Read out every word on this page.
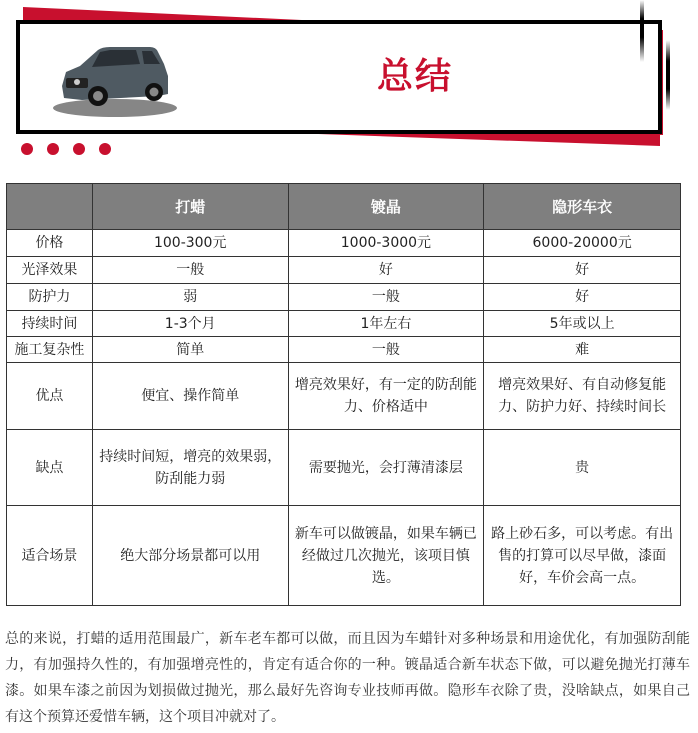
总结
	打蜡	镀晶	隐形车衣
价格	100-300元	1000-3000元	6000-20000元
光泽效果	一般	好	好
防护力	弱	一般	好
持续时间	1-3个月	1年左右	5年或以上
施工复杂性	简单	一般	难
优点	便宜、操作简单	增亮效果好，有一定的防刮能力、价格适中	增亮效果好、有自动修复能力、防护力好、持续时间长
缺点	持续时间短，增亮的效果弱，防刮能力弱	需要抛光，会打薄清漆层	贵
适合场景	绝大部分场景都可以用	新车可以做镀晶，如果车辆已经做过几次抛光，该项目慎选。	路上砂石多，可以考虑。有出售的打算可以尽早做，漆面好，车价会高一点。

总的来说，打蜡的适用范围最广，新车老车都可以做，而且因为车蜡针对多种场景和用途优化，有加强防刮能力，有加强持久性的，有加强增亮性的，肯定有适合你的一种。镀晶适合新车状态下做，可以避免抛光打薄车漆。如果车漆之前因为划损做过抛光，那么最好先咨询专业技师再做。隐形车衣除了贵，没啥缺点，如果自己有这个预算还爱惜车辆，这个项目冲就对了。
